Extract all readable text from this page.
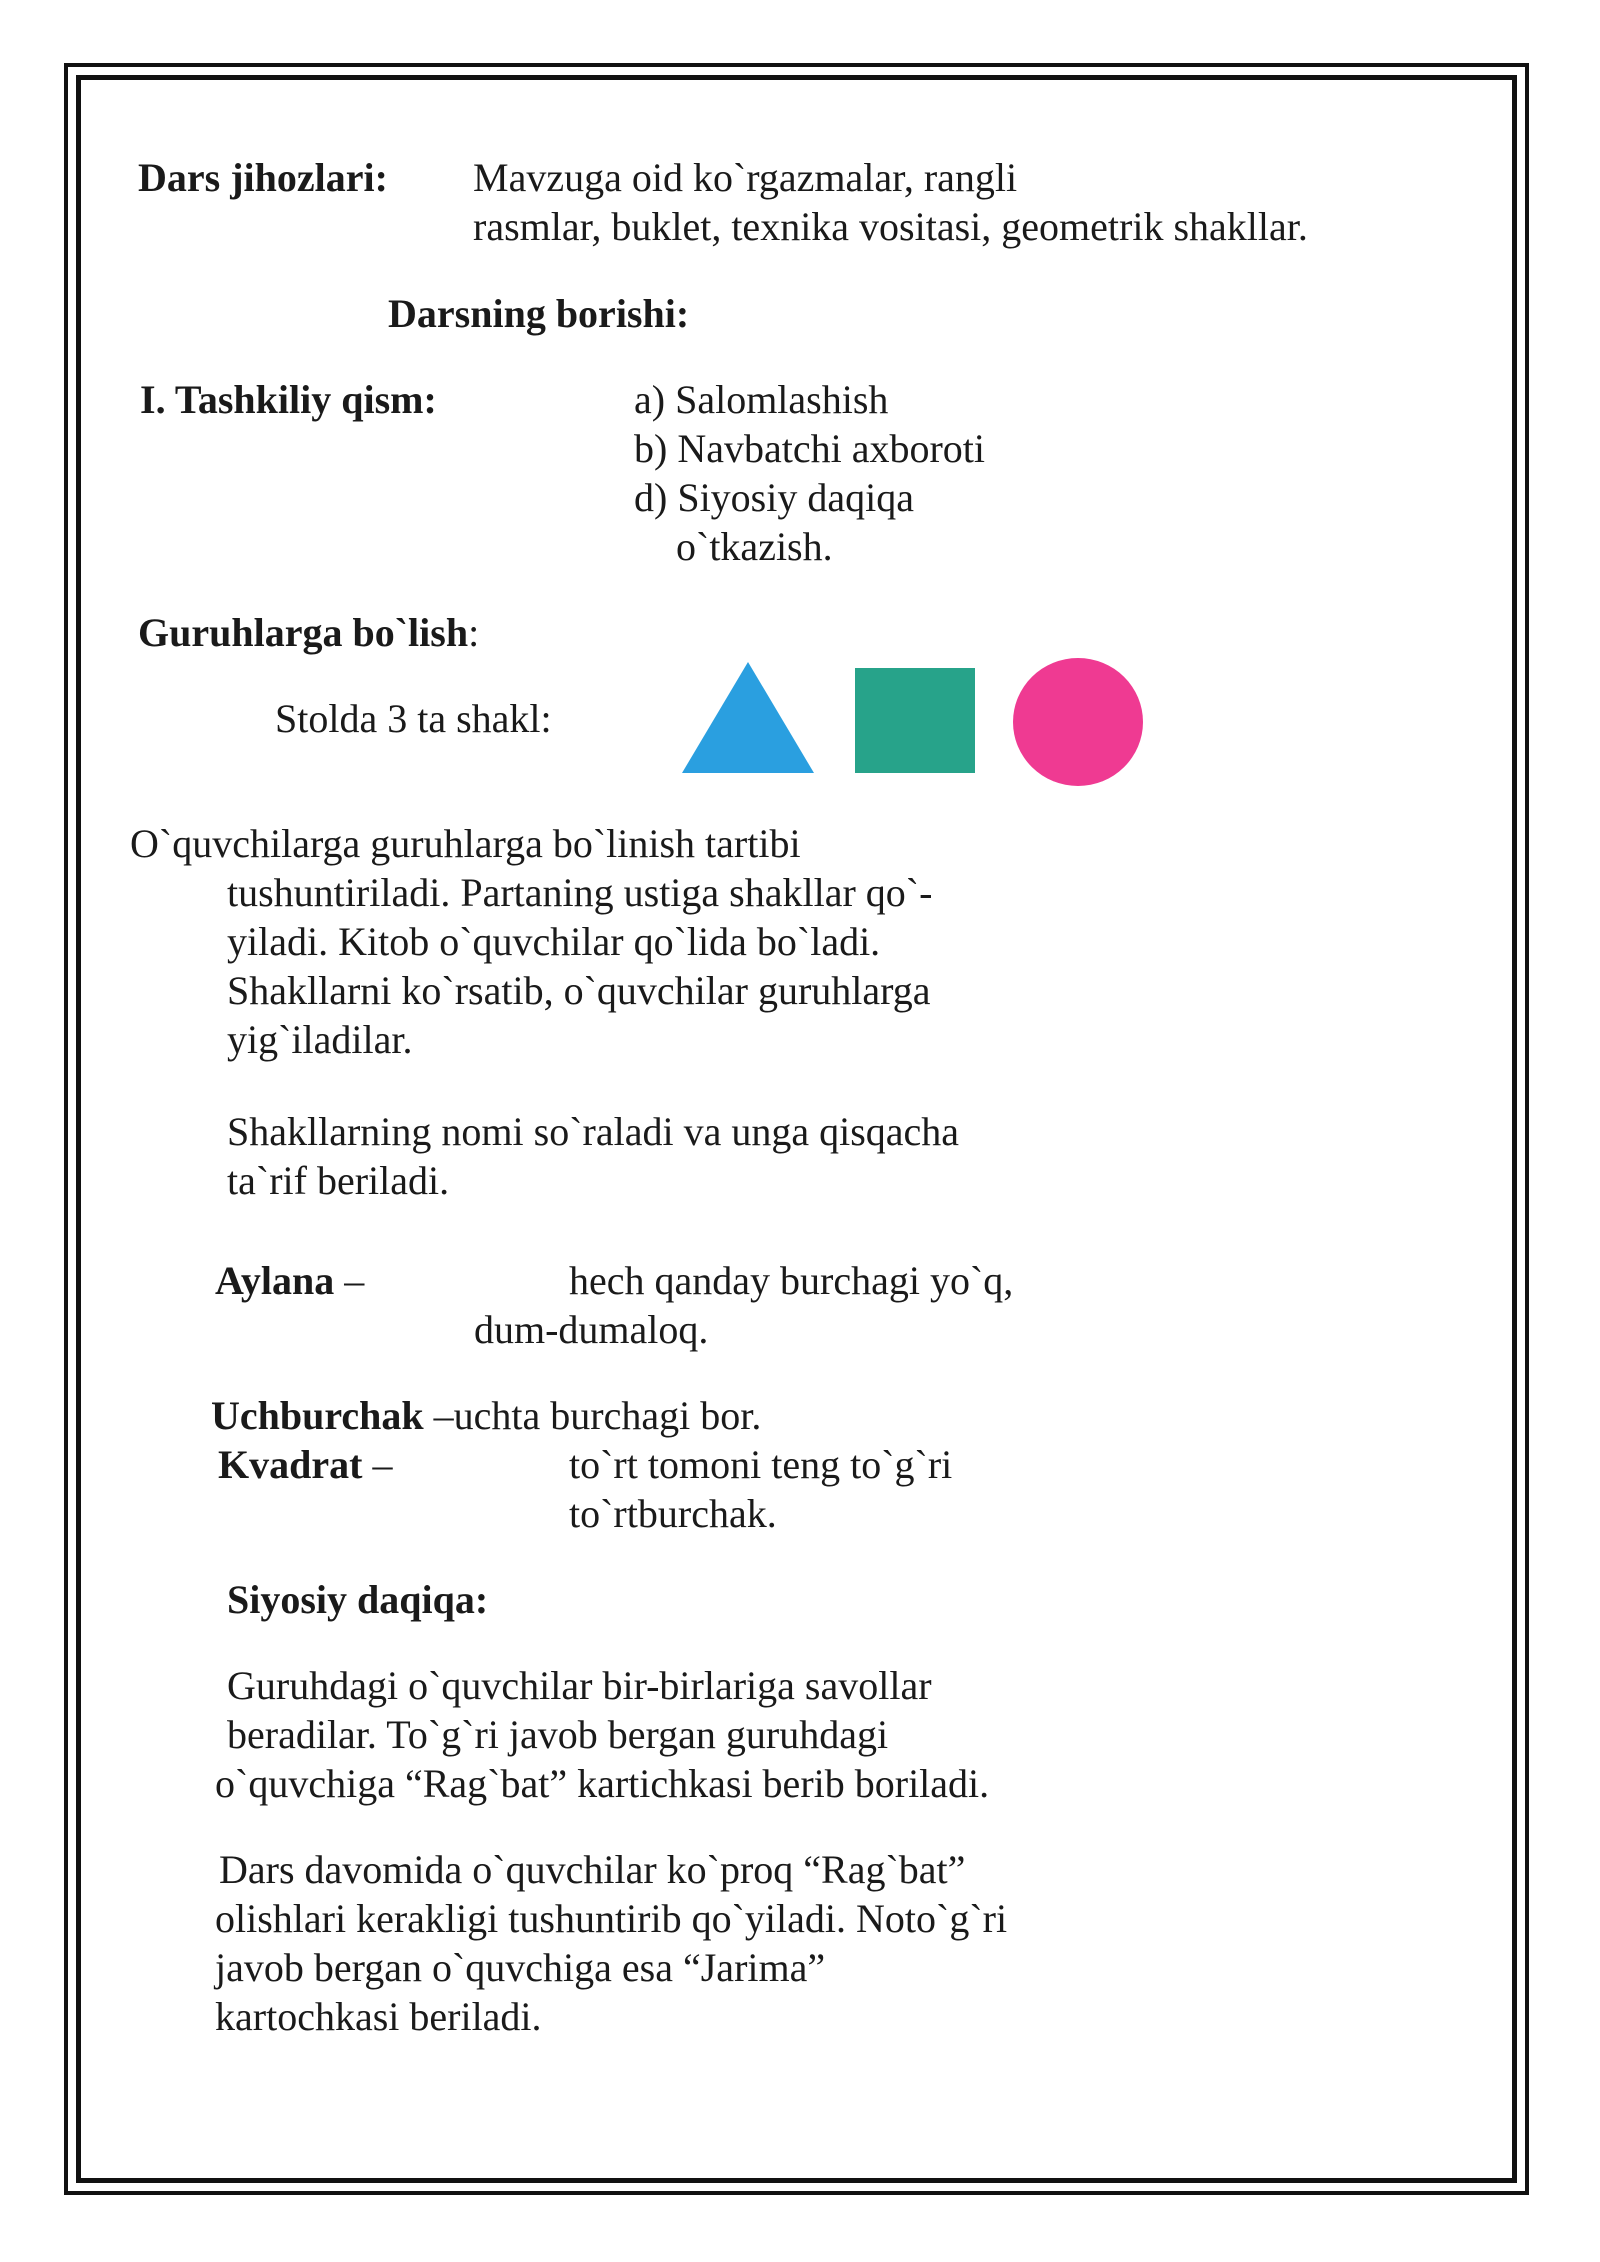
Dars jihozlari: Mavzuga oid ko`rgazmalar, rangli
rasmlar, buklet, texnika vositasi, geometrik shakllar.
Darsning borishi:
I. Tashkiliy qism:	a) Salomlashish
b) Navbatchi axboroti
d) Siyosiy daqiqa
o`tkazish.
Guruhlarga bo`lish:
Stolda 3 ta shakl:
O`quvchilarga guruhlarga bo`linish tartibi
tushuntiriladi. Partaning ustiga shakllar qo`-
yiladi. Kitob o`quvchilar qo`lida bo`ladi.
Shakllarni ko`rsatib, o`quvchilar guruhlarga
yig`iladilar.
Shakllarning nomi so`raladi va unga qisqacha
ta`rif beriladi.
Aylana –	hech qanday burchagi yo`q,
dum-dumaloq.
Uchburchak –uchta burchagi bor.
Kvadrat –	to`rt tomoni teng to`g`ri
to`rtburchak.
Siyosiy daqiqa:
Guruhdagi o`quvchilar bir-birlariga savollar
beradilar. To`g`ri javob bergan guruhdagi
o`quvchiga “Rag`bat” kartichkasi berib boriladi.
Dars davomida o`quvchilar ko`proq “Rag`bat”
olishlari kerakligi tushuntirib qo`yiladi. Noto`g`ri
javob bergan o`quvchiga esa “Jarima”
kartochkasi beriladi.
